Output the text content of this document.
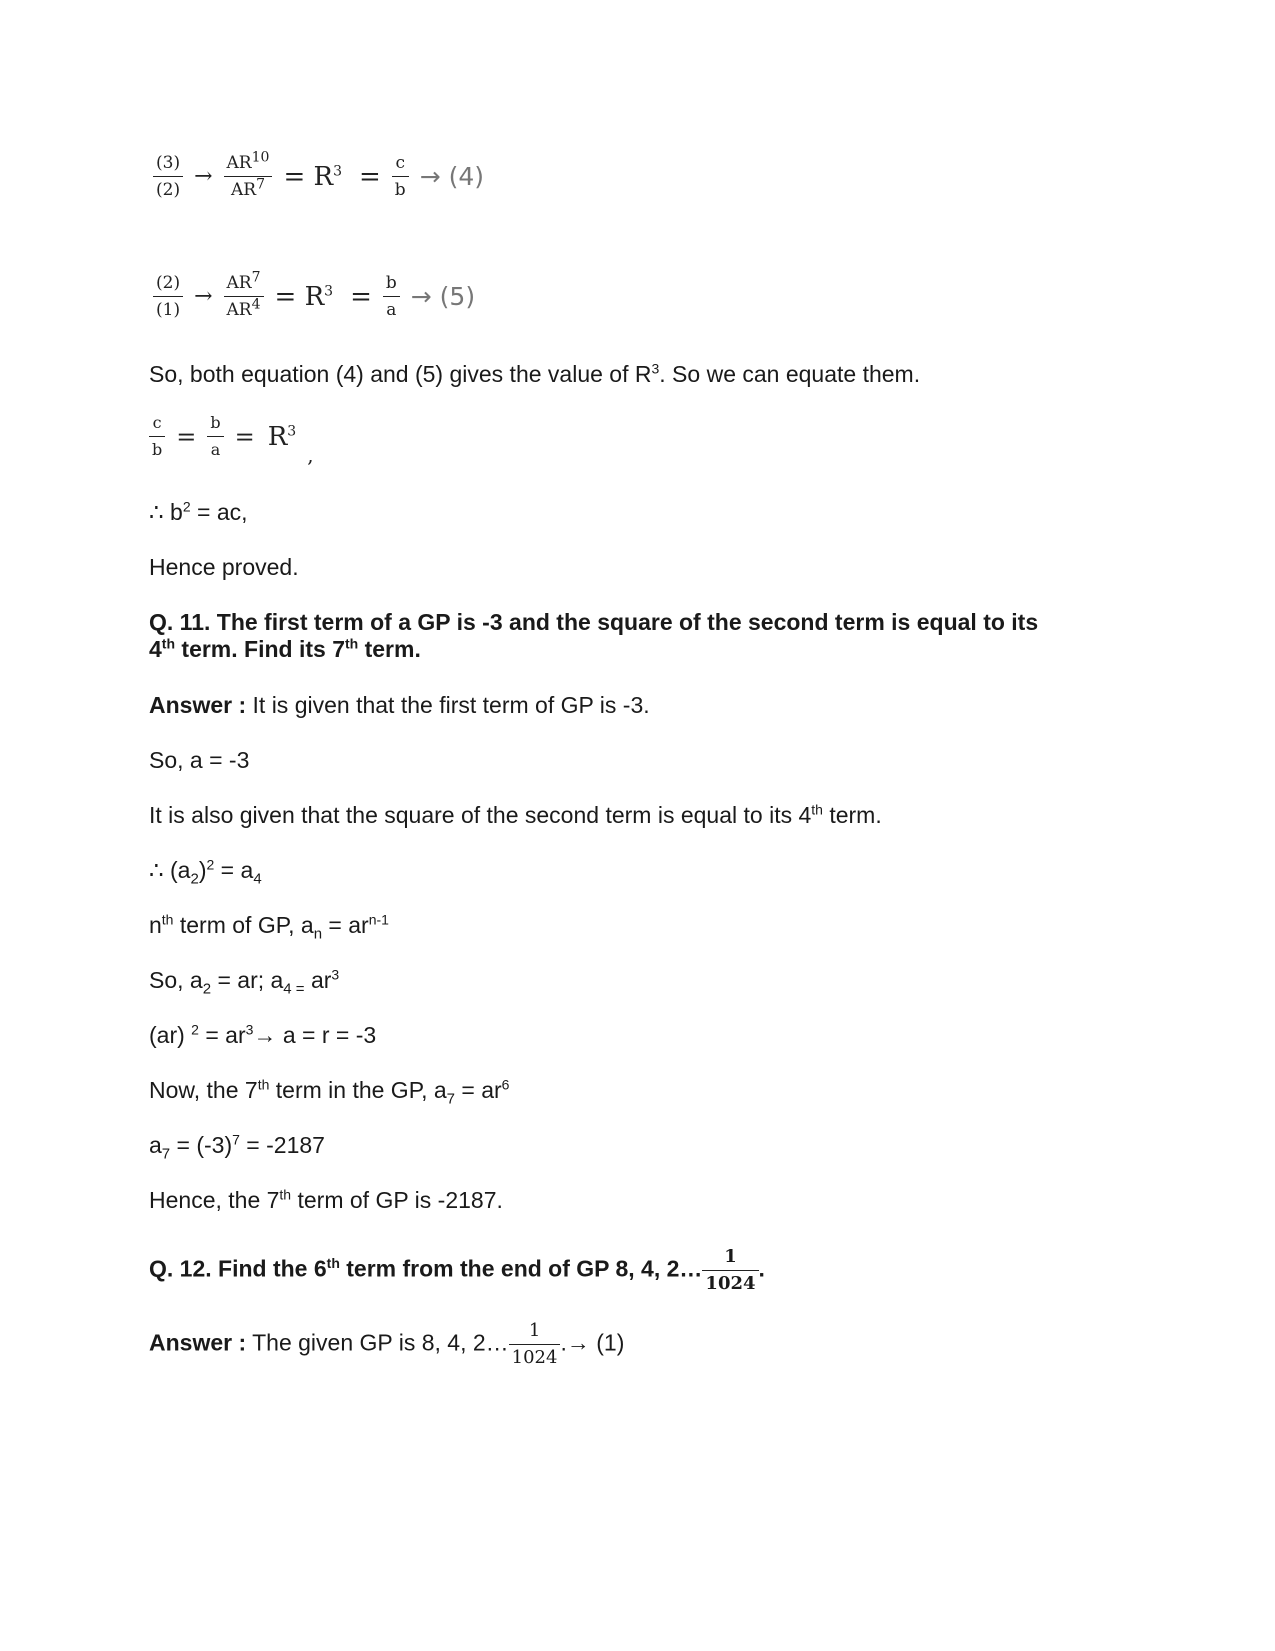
$\frac{(3)}{(2)} \to \frac{AR^{10}}{AR^7} = R^3 = \frac{c}{b} \to (4)$
$\frac{(2)}{(1)} \to \frac{AR^7}{AR^4} = R^3 = \frac{b}{a} \to (5)$
So, both equation (4) and (5) gives the value of $R^3$. So we can equate them.
$\frac{c}{b} = \frac{b}{a} = R^3$ ,
∴ $b^2$ = ac,
Hence proved.
Q. 11. The first term of a GP is -3 and the square of the second term is equal to its
4th term. Find its 7th term.
Answer : It is given that the first term of GP is -3.
So, a = -3
It is also given that the square of the second term is equal to its 4th term.
∴ $(a_2)^2 = a_4$
$n^{th}$ term of GP, $a_n = ar^{n-1}$
So, $a_2$ = ar; $a_{4 =}$ $ar^3$
(ar) $^2 = ar^3\to a = r = -3$
Now, the 7th term in the GP, $a_7 = ar^6$
$a_7 = (-3)^7 = -2187$
Hence, the 7th term of GP is -2187.
Q. 12. Find the 6th term from the end of GP 8, 4, 2… $\frac{1}{1024}$ .
Answer : The given GP is 8, 4, 2… $\frac{1}{1024}$ .→ (1)
